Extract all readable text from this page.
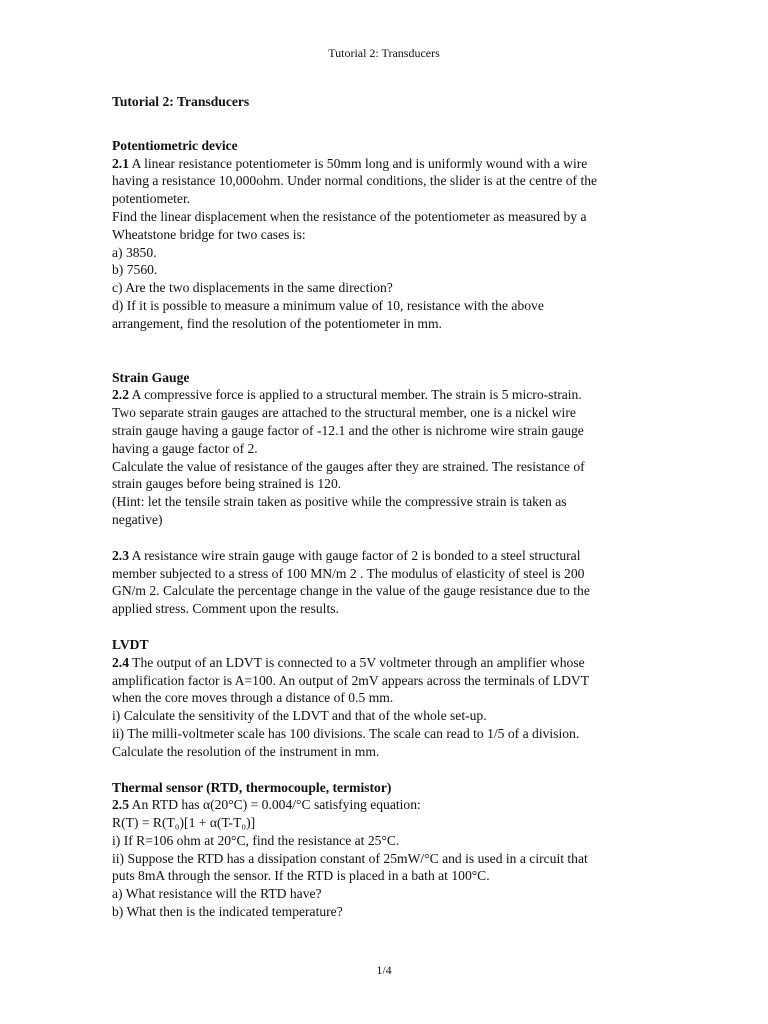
Tutorial 2: Transducers
Tutorial 2: Transducers
Potentiometric device
2.1 A linear resistance potentiometer is 50mm long and is uniformly wound with a wire
having a resistance 10,000ohm. Under normal conditions, the slider is at the centre of the
potentiometer.
Find the linear displacement when the resistance of the potentiometer as measured by a
Wheatstone bridge for two cases is:
a) 3850.
b) 7560.
c) Are the two displacements in the same direction?
d) If it is possible to measure a minimum value of 10, resistance with the above
arrangement, find the resolution of the potentiometer in mm.
Strain Gauge
2.2 A compressive force is applied to a structural member. The strain is 5 micro-strain.
Two separate strain gauges are attached to the structural member, one is a nickel wire
strain gauge having a gauge factor of -12.1 and the other is nichrome wire strain gauge
having a gauge factor of 2.
Calculate the value of resistance of the gauges after they are strained. The resistance of
strain gauges before being strained is 120.
(Hint: let the tensile strain taken as positive while the compressive strain is taken as
negative)
2.3 A resistance wire strain gauge with gauge factor of 2 is bonded to a steel structural
member subjected to a stress of 100 MN/m 2 . The modulus of elasticity of steel is 200
GN/m 2. Calculate the percentage change in the value of the gauge resistance due to the
applied stress. Comment upon the results.
LVDT
2.4 The output of an LDVT is connected to a 5V voltmeter through an amplifier whose
amplification factor is A=100. An output of 2mV appears across the terminals of LDVT
when the core moves through a distance of 0.5 mm.
i) Calculate the sensitivity of the LDVT and that of the whole set-up.
ii) The milli-voltmeter scale has 100 divisions. The scale can read to 1/5 of a division.
Calculate the resolution of the instrument in mm.
Thermal sensor (RTD, thermocouple, termistor)
2.5 An RTD has α(20°C) = 0.004/°C satisfying equation:
R(T) = R(T₀)[1 + α(T-T₀)]
i) If R=106 ohm at 20°C, find the resistance at 25°C.
ii) Suppose the RTD has a dissipation constant of 25mW/°C and is used in a circuit that
puts 8mA through the sensor. If the RTD is placed in a bath at 100°C.
a) What resistance will the RTD have?
b) What then is the indicated temperature?
1/4
